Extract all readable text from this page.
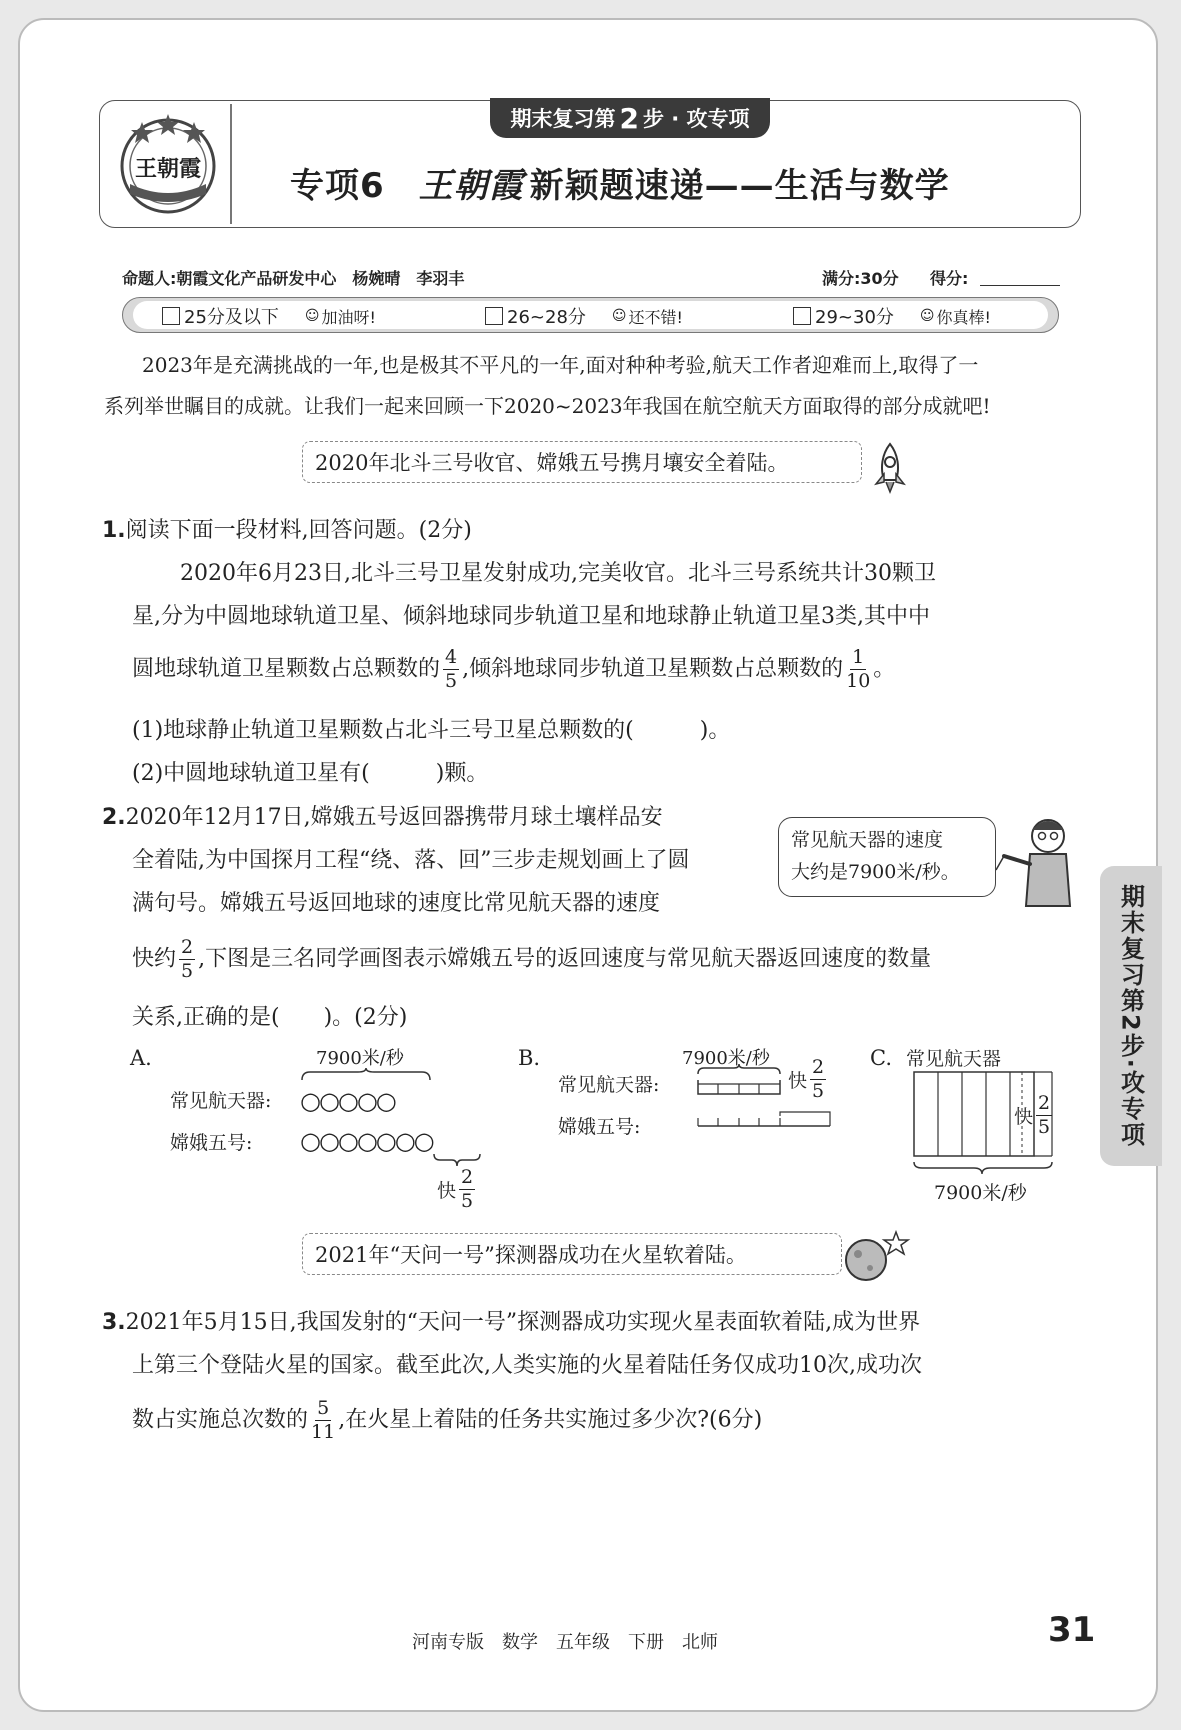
期末复习第 2 步 · 攻专项
王朝霞	专项6 王朝霞 新颖题速递——生活与数学
命题人:朝霞文化产品研发中心　杨婉晴　李羽丰	满分:30分 得分:
25分及以下 ☺ 加油呀!	26~28分 ☺ 还不错!	29~30分 ☺ 你真棒!
2023年是充满挑战的一年,也是极其不平凡的一年,面对种种考验,航天工作者迎难而上,取得了一
系列举世瞩目的成就。让我们一起来回顾一下2020~2023年我国在航空航天方面取得的部分成就吧!
2020年北斗三号收官、嫦娥五号携月壤安全着陆。
1.阅读下面一段材料,回答问题。(2分)
2020年6月23日,北斗三号卫星发射成功,完美收官。北斗三号系统共计30颗卫
星,分为中圆地球轨道卫星、倾斜地球同步轨道卫星和地球静止轨道卫星3类,其中中
圆地球轨道卫星颗数占总颗数的 $\frac{4}{5}$ ,倾斜地球同步轨道卫星颗数占总颗数的 $\frac{1}{10}$ 。
(1)地球静止轨道卫星颗数占北斗三号卫星总颗数的(　　　)。
(2)中圆地球轨道卫星有(　　　)颗。
2.2020年12月17日,嫦娥五号返回器携带月球土壤样品安
全着陆,为中国探月工程“绕、落、回”三步走规划画上了圆
满句号。嫦娥五号返回地球的速度比常见航天器的速度
快约 $\frac{2}{5}$ ,下图是三名同学画图表示嫦娥五号的返回速度与常见航天器返回速度的数量
关系,正确的是(　　)。(2分)
常见航天器的速度
大约是7900米/秒。
A.	7900米/秒
常见航天器: ○○○○○
嫦娥五号: ○○○○○○○
快 $\frac{2}{5}$
B.	7900米/秒
常见航天器:	快 $\frac{2}{5}$
嫦娥五号:
C. 常见航天器
快 $\frac{2}{5}$
7900米/秒
2021年“天问一号”探测器成功在火星软着陆。
3.2021年5月15日,我国发射的“天问一号”探测器成功实现火星表面软着陆,成为世界
上第三个登陆火星的国家。截至此次,人类实施的火星着陆任务仅成功10次,成功次
数占实施总次数的 $\frac{5}{11}$ ,在火星上着陆的任务共实施过多少次?(6分)
期末复习第2步·攻专项
河南专版　数学　五年级　下册　北师	31
